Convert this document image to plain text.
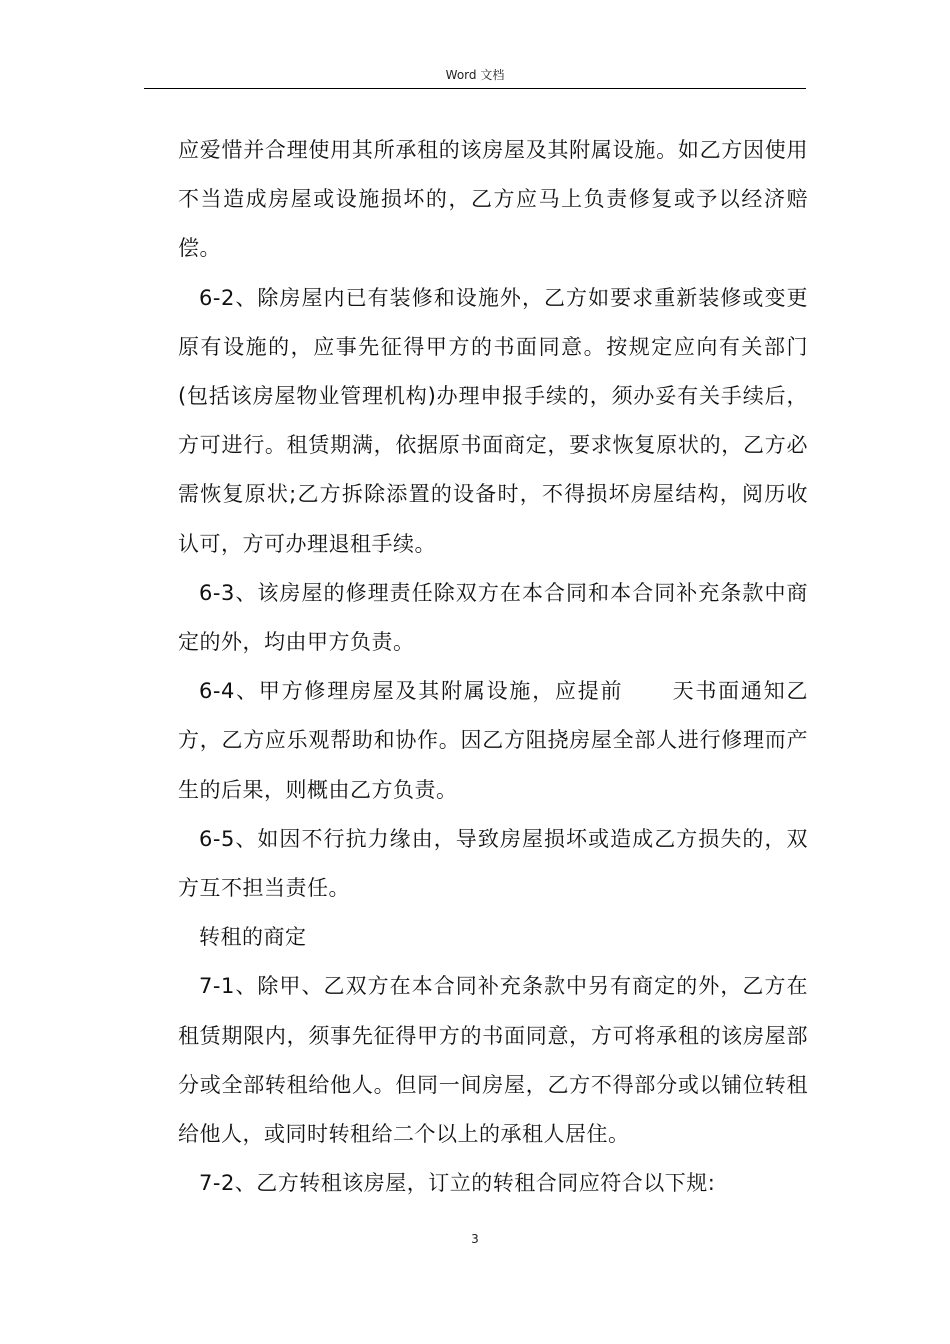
Word 文档

应爱惜并合理使用其所承租的该房屋及其附属设施。如乙方因使用不当造成房屋或设施损坏的，乙方应马上负责修复或予以经济赔偿。

6-2、除房屋内已有装修和设施外，乙方如要求重新装修或变更原有设施的，应事先征得甲方的书面同意。按规定应向有关部门(包括该房屋物业管理机构)办理申报手续的，须办妥有关手续后，方可进行。租赁期满，依据原书面商定，要求恢复原状的，乙方必需恢复原状;乙方拆除添置的设备时，不得损坏房屋结构，阅历收认可，方可办理退租手续。

6-3、该房屋的修理责任除双方在本合同和本合同补充条款中商定的外，均由甲方负责。

6-4、甲方修理房屋及其附属设施，应提前 天书面通知乙方，乙方应乐观帮助和协作。因乙方阻挠房屋全部人进行修理而产生的后果，则概由乙方负责。

6-5、如因不行抗力缘由，导致房屋损坏或造成乙方损失的，双方互不担当责任。

转租的商定

7-1、除甲、乙双方在本合同补充条款中另有商定的外，乙方在租赁期限内，须事先征得甲方的书面同意，方可将承租的该房屋部分或全部转租给他人。但同一间房屋，乙方不得部分或以铺位转租给他人，或同时转租给二个以上的承租人居住。

7-2、乙方转租该房屋，订立的转租合同应符合以下规:

3
